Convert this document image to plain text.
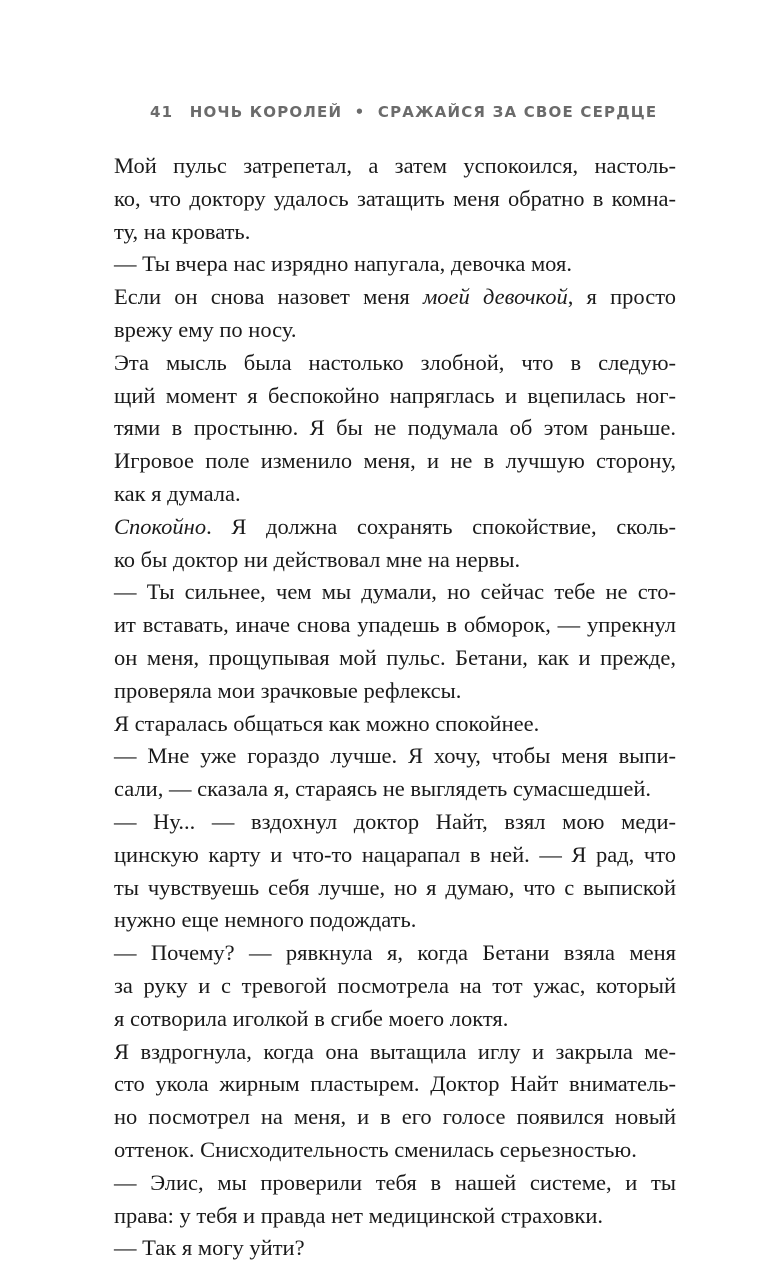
41 НОЧЬ КОРОЛЕЙ • СРАЖАЙСЯ ЗА СВОЕ СЕРДЦЕ

Мой пульс затрепетал, а затем успокоился, настоль-
ко, что доктору удалось затащить меня обратно в комна-
ту, на кровать.

— Ты вчера нас изрядно напугала, девочка моя.

Если он снова назовет меня моей девочкой, я просто
врежу ему по носу.

Эта мысль была настолько злобной, что в следую-
щий момент я беспокойно напряглась и вцепилась ног-
тями в простыню. Я бы не подумала об этом раньше.
Игровое поле изменило меня, и не в лучшую сторону,
как я думала.

Спокойно. Я должна сохранять спокойствие, сколь-
ко бы доктор ни действовал мне на нервы.

— Ты сильнее, чем мы думали, но сейчас тебе не сто-
ит вставать, иначе снова упадешь в обморок, — упрекнул
он меня, прощупывая мой пульс. Бетани, как и прежде,
проверяла мои зрачковые рефлексы.

Я старалась общаться как можно спокойнее.

— Мне уже гораздо лучше. Я хочу, чтобы меня выпи-
сали, — сказала я, стараясь не выглядеть сумасшедшей.

— Ну... — вздохнул доктор Найт, взял мою меди-
цинскую карту и что-то нацарапал в ней. — Я рад, что
ты чувствуешь себя лучше, но я думаю, что с выпиской
нужно еще немного подождать.

— Почему? — рявкнула я, когда Бетани взяла меня
за руку и с тревогой посмотрела на тот ужас, который
я сотворила иголкой в сгибе моего локтя.

Я вздрогнула, когда она вытащила иглу и закрыла ме-
сто укола жирным пластырем. Доктор Найт вниматель-
но посмотрел на меня, и в его голосе появился новый
оттенок. Снисходительность сменилась серьезностью.

— Элис, мы проверили тебя в нашей системе, и ты
права: у тебя и правда нет медицинской страховки.

— Так я могу уйти?
